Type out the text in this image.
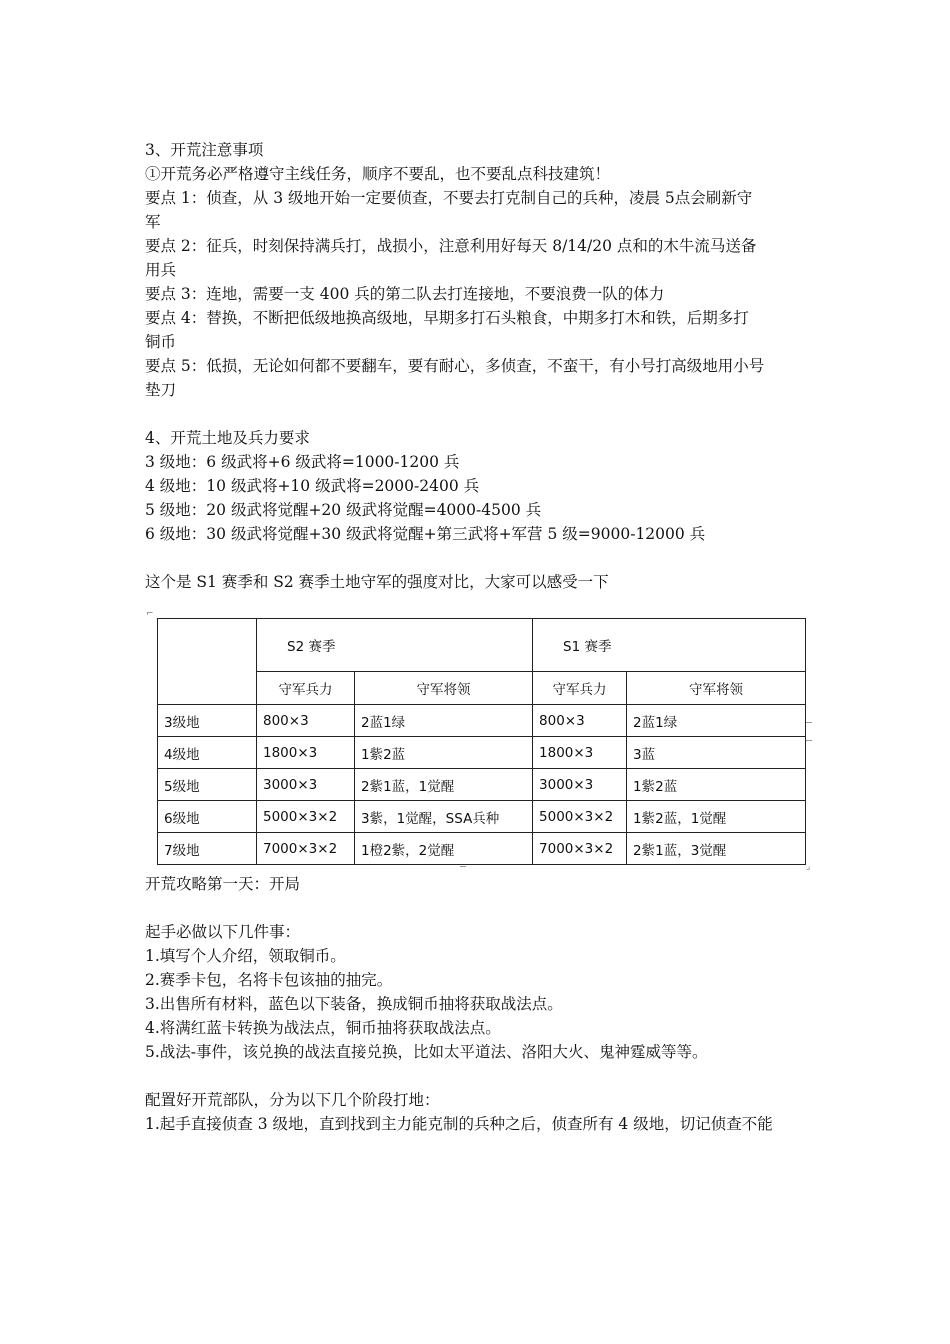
3、开荒注意事项

①开荒务必严格遵守主线任务，顺序不要乱，也不要乱点科技建筑！

要点 1：侦查，从 3 级地开始一定要侦查，不要去打克制自己的兵种，凌晨 5点会刷新守

军

要点 2：征兵，时刻保持满兵打，战损小，注意利用好每天 8/14/20 点和的木牛流马送备

用兵

要点 3：连地，需要一支 400 兵的第二队去打连接地，不要浪费一队的体力

要点 4：替换，不断把低级地换高级地，早期多打石头粮食，中期多打木和铁，后期多打

铜币

要点 5：低损，无论如何都不要翻车，要有耐心，多侦查，不蛮干，有小号打高级地用小号

垫刀

4、开荒土地及兵力要求

3 级地：6 级武将+6 级武将=1000-1200 兵

4 级地：10 级武将+10 级武将=2000-2400 兵

5 级地：20 级武将觉醒+20 级武将觉醒=4000-4500 兵

6 级地：30 级武将觉醒+30 级武将觉醒+第三武将+军营 5 级=9000-12000 兵

这个是 S1 赛季和 S2 赛季土地守军的强度对比，大家可以感受一下

⌐
⌟
	S2 赛季		S1 赛季	
	守军兵力	守军将领	守军兵力	守军将领
3级地	800×3	2蓝1绿	800×3	2蓝1绿
4级地	1800×3	1紫2蓝	1800×3	3蓝
5级地	3000×3	2紫1蓝，1觉醒	3000×3	1紫2蓝
6级地	5000×3×2	3紫，1觉醒，SSA兵种	5000×3×2	1紫2蓝，1觉醒
7级地	7000×3×2	1橙2紫，2觉醒	7000×3×2	2紫1蓝，3觉醒

开荒攻略第一天：开局

起手必做以下几件事：

1.填写个人介绍，领取铜币。

2.赛季卡包，名将卡包该抽的抽完。

3.出售所有材料，蓝色以下装备，换成铜币抽将获取战法点。

4.将满红蓝卡转换为战法点，铜币抽将获取战法点。

5.战法-事件，该兑换的战法直接兑换，比如太平道法、洛阳大火、鬼神霆威等等。

配置好开荒部队，分为以下几个阶段打地：

1.起手直接侦查 3 级地，直到找到主力能克制的兵种之后，侦查所有 4 级地，切记侦查不能
